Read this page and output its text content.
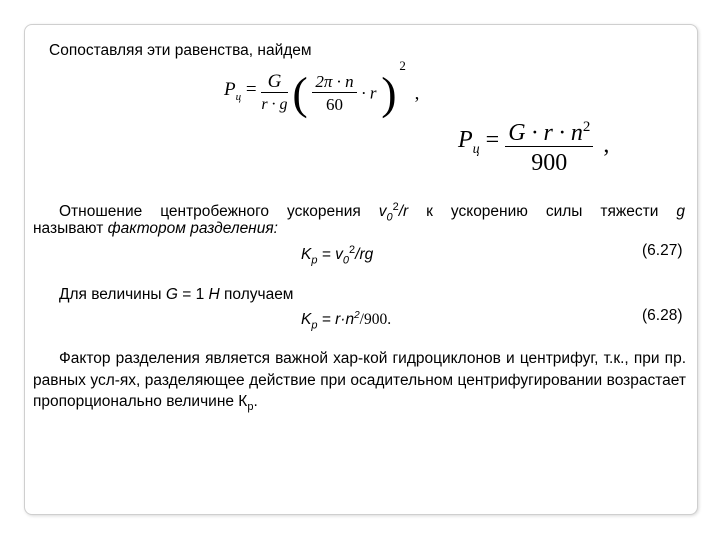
Сопоставляя эти равенства, найдем
$P_ц = \frac{G}{r \cdot g}$ ( $\frac{2\pi \cdot n}{60} \cdot r$ ) $^2$ ,
$P_ц = \frac{G \cdot r \cdot n^2}{900}$ ,
Отношение центробежного ускорения $v_0^2/r$ к ускорению силы тяжести g
называют фактором разделения:
$K_р = v_0^2/rg$	(6.27)
Для величины G = 1 Н получаем
$K_р = r\cdot n^2/900$.	(6.28)
Фактор разделения является важной хар-кой гидроциклонов и центрифуг, т.к., при пр. равных усл-ях, разделяющее действие при осадительном центрифугировании возрастает пропорционально величине $К_р$.
